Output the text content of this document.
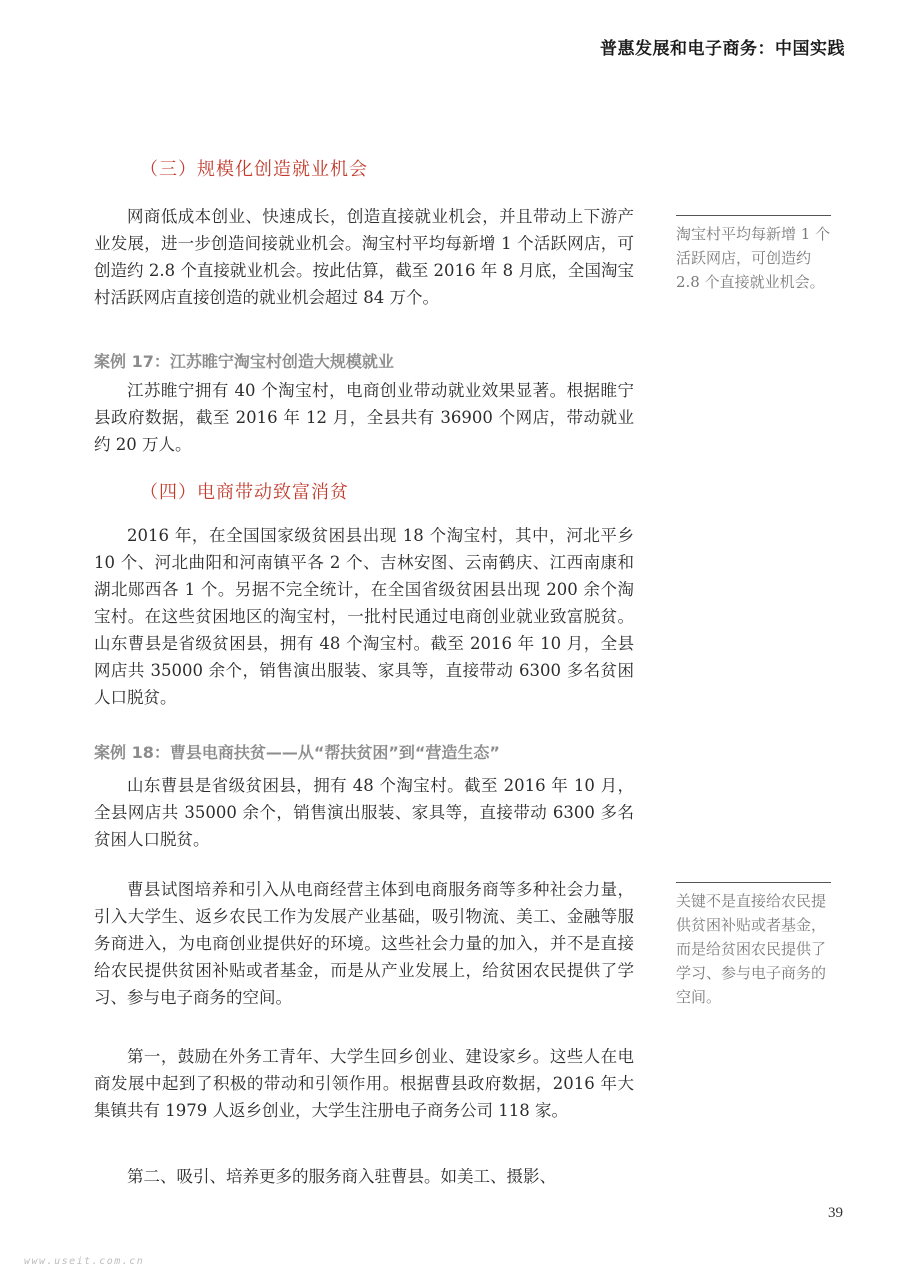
普惠发展和电子商务：中国实践
（三）规模化创造就业机会

网商低成本创业、快速成长，创造直接就业机会，并且带动上下游产业发展，进一步创造间接就业机会。淘宝村平均每新增 1 个活跃网店，可创造约 2.8 个直接就业机会。按此估算，截至 2016 年 8 月底，全国淘宝村活跃网店直接创造的就业机会超过 84 万个。

淘宝村平均每新增 1 个活跃网店，可创造约 2.8 个直接就业机会。
案例 17：江苏睢宁淘宝村创造大规模就业

江苏睢宁拥有 40 个淘宝村，电商创业带动就业效果显著。根据睢宁县政府数据，截至 2016 年 12 月，全县共有 36900 个网店，带动就业约 20 万人。

（四）电商带动致富消贫

2016 年，在全国国家级贫困县出现 18 个淘宝村，其中，河北平乡 10 个、河北曲阳和河南镇平各 2 个、吉林安图、云南鹤庆、江西南康和湖北郧西各 1 个。另据不完全统计，在全国省级贫困县出现 200 余个淘宝村。在这些贫困地区的淘宝村，一批村民通过电商创业就业致富脱贫。山东曹县是省级贫困县，拥有 48 个淘宝村。截至 2016 年 10 月，全县网店共 35000 余个，销售演出服装、家具等，直接带动 6300 多名贫困人口脱贫。

案例 18：曹县电商扶贫——从“帮扶贫困”到“营造生态”

山东曹县是省级贫困县，拥有 48 个淘宝村。截至 2016 年 10 月，全县网店共 35000 余个，销售演出服装、家具等，直接带动 6300 多名贫困人口脱贫。

曹县试图培养和引入从电商经营主体到电商服务商等多种社会力量，引入大学生、返乡农民工作为发展产业基础，吸引物流、美工、金融等服务商进入，为电商创业提供好的环境。这些社会力量的加入，并不是直接给农民提供贫困补贴或者基金，而是从产业发展上，给贫困农民提供了学习、参与电子商务的空间。

关键不是直接给农民提供贫困补贴或者基金，而是给贫困农民提供了学习、参与电子商务的空间。

第一，鼓励在外务工青年、大学生回乡创业、建设家乡。这些人在电商发展中起到了积极的带动和引领作用。根据曹县政府数据，2016 年大集镇共有 1979 人返乡创业，大学生注册电子商务公司 118 家。

第二、吸引、培养更多的服务商入驻曹县。如美工、摄影、

39
www.useit.com.cn
